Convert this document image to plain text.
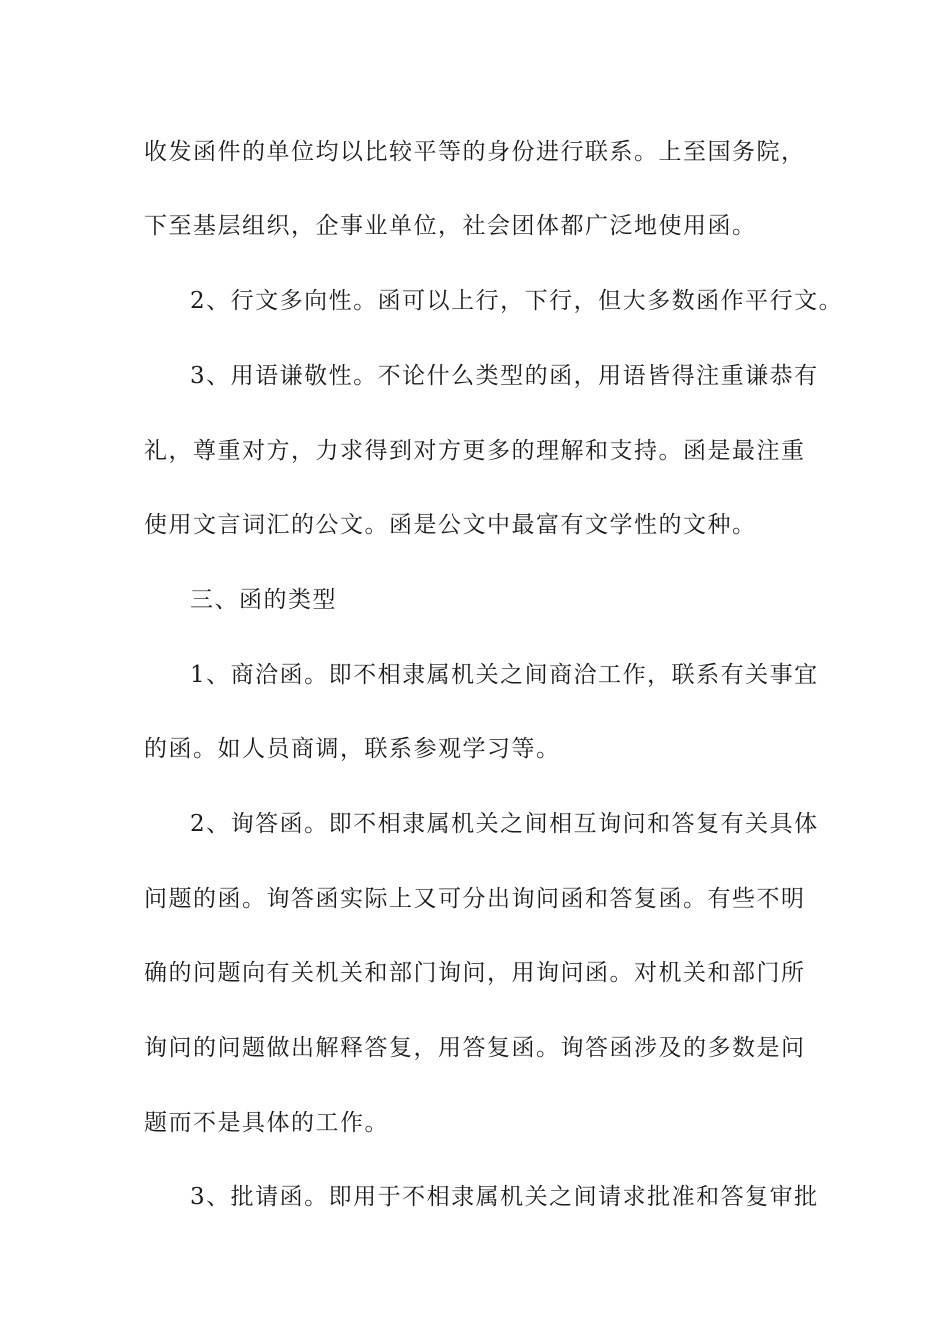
收发函件的单位均以比较平等的身份进行联系。上至国务院，
下至基层组织，企事业单位，社会团体都广泛地使用函。
2、行文多向性。函可以上行，下行，但大多数函作平行文。
3、用语谦敬性。不论什么类型的函，用语皆得注重谦恭有
礼，尊重对方，力求得到对方更多的理解和支持。函是最注重
使用文言词汇的公文。函是公文中最富有文学性的文种。
三、函的类型
1、商洽函。即不相隶属机关之间商洽工作，联系有关事宜
的函。如人员商调，联系参观学习等。
2、询答函。即不相隶属机关之间相互询问和答复有关具体
问题的函。询答函实际上又可分出询问函和答复函。有些不明
确的问题向有关机关和部门询问，用询问函。对机关和部门所
询问的问题做出解释答复，用答复函。询答函涉及的多数是问
题而不是具体的工作。
3、批请函。即用于不相隶属机关之间请求批准和答复审批
